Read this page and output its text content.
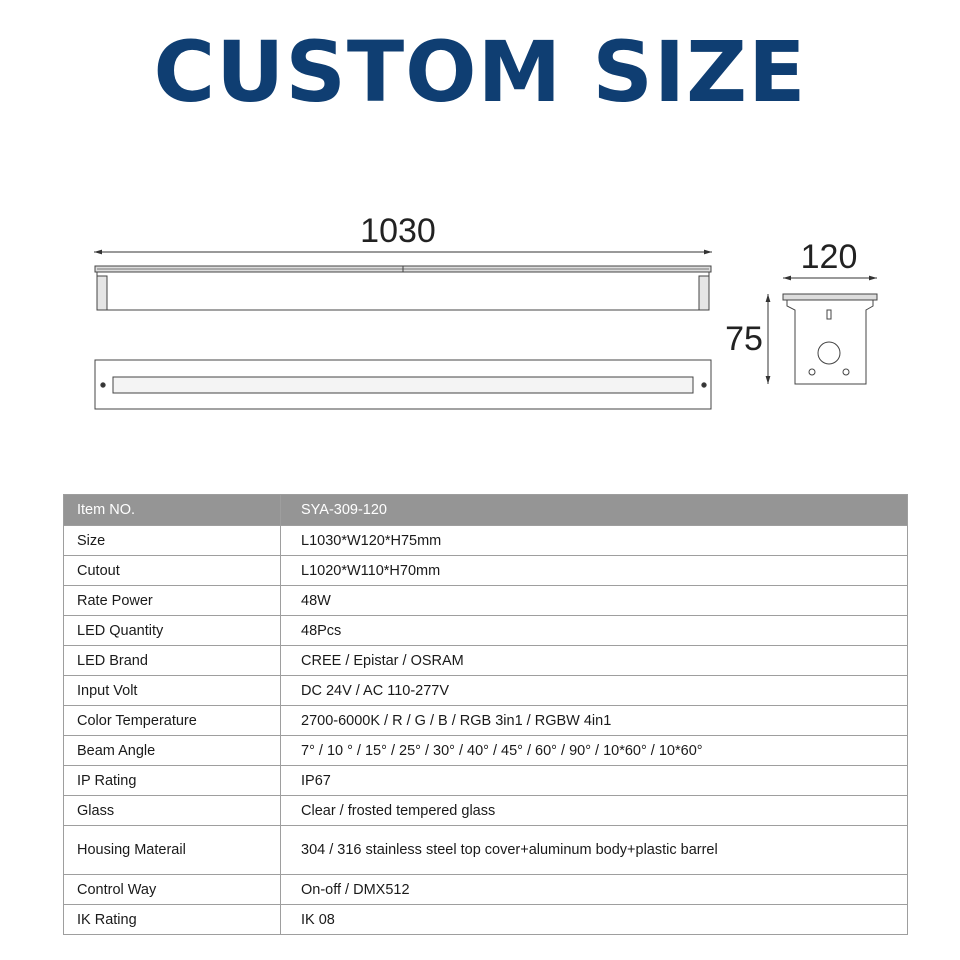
CUSTOM SIZE
1030
120
75
Item NO.	SYA-309-120
Size	L1030*W120*H75mm
Cutout	L1020*W110*H70mm
Rate Power	48W
LED Quantity	48Pcs
LED Brand	CREE / Epistar / OSRAM
Input Volt	DC 24V / AC 110-277V
Color Temperature	2700-6000K / R / G / B / RGB 3in1 / RGBW 4in1
Beam Angle	7° / 10 ° / 15° / 25° / 30° / 40° / 45° / 60° / 90° / 10*60° / 10*60°
IP Rating	IP67
Glass	Clear / frosted tempered glass
Housing Materail	304 / 316 stainless steel top cover+aluminum body+plastic barrel
Control Way	On-off / DMX512
IK Rating	IK 08
